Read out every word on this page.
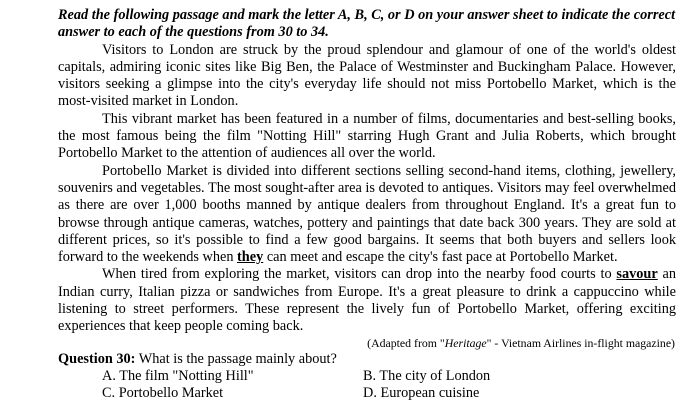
Read the following passage and mark the letter A, B, C, or D on your answer sheet to indicate the correct answer to each of the questions from 30 to 34.

Visitors to London are struck by the proud splendour and glamour of one of the world's oldest capitals, admiring iconic sites like Big Ben, the Palace of Westminster and Buckingham Palace. However, visitors seeking a glimpse into the city's everyday life should not miss Portobello Market, which is the most-visited market in London.

This vibrant market has been featured in a number of films, documentaries and best-selling books, the most famous being the film "Notting Hill" starring Hugh Grant and Julia Roberts, which brought Portobello Market to the attention of audiences all over the world.

Portobello Market is divided into different sections selling second-hand items, clothing, jewellery, souvenirs and vegetables. The most sought-after area is devoted to antiques. Visitors may feel overwhelmed as there are over 1,000 booths manned by antique dealers from throughout England. It's a great fun to browse through antique cameras, watches, pottery and paintings that date back 300 years. They are sold at different prices, so it's possible to find a few good bargains. It seems that both buyers and sellers look forward to the weekends when they can meet and escape the city's fast pace at Portobello Market.

When tired from exploring the market, visitors can drop into the nearby food courts to savour an Indian curry, Italian pizza or sandwiches from Europe. It's a great pleasure to drink a cappuccino while listening to street performers. These represent the lively fun of Portobello Market, offering exciting experiences that keep people coming back.

(Adapted from "Heritage" - Vietnam Airlines in-flight magazine)

Question 30: What is the passage mainly about?

A. The film "Notting Hill"	B. The city of London
C. Portobello Market	D. European cuisine
